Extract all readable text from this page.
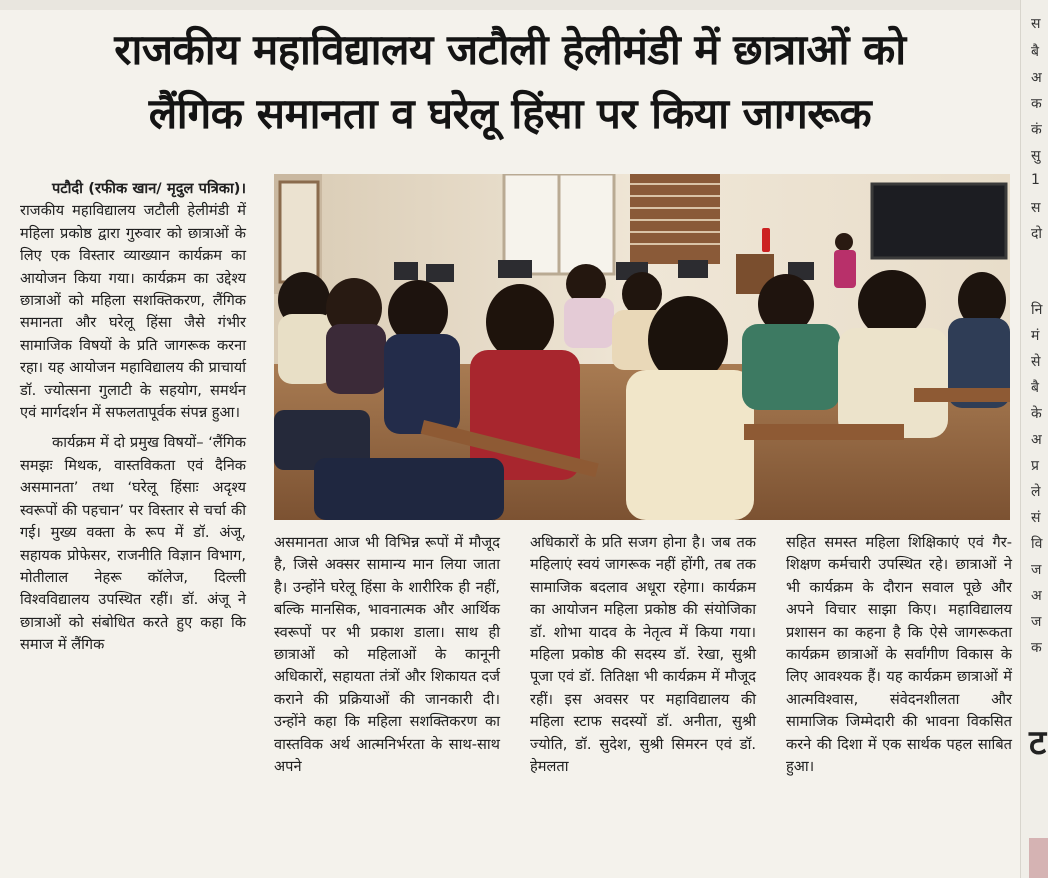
राजकीय महाविद्यालय जटौली हेलीमंडी में छात्राओं को
लैंगिक समानता व घरेलू हिंसा पर किया जागरूक

पटौदी (रफीक खान/ मृदुल पत्रिका)। राजकीय महाविद्यालय जटौली हेलीमंडी में महिला प्रकोष्ठ द्वारा गुरुवार को छात्राओं के लिए एक विस्तार व्याख्यान कार्यक्रम का आयोजन किया गया। कार्यक्रम का उद्देश्य छात्राओं को महिला सशक्तिकरण, लैंगिक समानता और घरेलू हिंसा जैसे गंभीर सामाजिक विषयों के प्रति जागरूक करना रहा। यह आयोजन महाविद्यालय की प्राचार्या डॉ. ज्योत्सना गुलाटी के सहयोग, समर्थन एवं मार्गदर्शन में सफलतापूर्वक संपन्न हुआ।

कार्यक्रम में दो प्रमुख विषयों– ‘लैंगिक समझः मिथक, वास्तविकता एवं दैनिक असमानता’ तथा ‘घरेलू हिंसाः अदृश्य स्वरूपों की पहचान’ पर विस्तार से चर्चा की गई। मुख्य वक्ता के रूप में डॉ. अंजू, सहायक प्रोफेसर, राजनीति विज्ञान विभाग, मोतीलाल नेहरू कॉलेज, दिल्ली विश्वविद्यालय उपस्थित रहीं। डॉ. अंजू ने छात्राओं को संबोधित करते हुए कहा कि समाज में लैंगिक

असमानता आज भी विभिन्न रूपों में मौजूद है, जिसे अक्सर सामान्य मान लिया जाता है। उन्होंने घरेलू हिंसा के शारीरिक ही नहीं, बल्कि मानसिक, भावनात्मक और आर्थिक स्वरूपों पर भी प्रकाश डाला। साथ ही छात्राओं को महिलाओं के कानूनी अधिकारों, सहायता तंत्रों और शिकायत दर्ज कराने की प्रक्रियाओं की जानकारी दी। उन्होंने कहा कि महिला सशक्तिकरण का वास्तविक अर्थ आत्मनिर्भरता के साथ-साथ अपने
अधिकारों के प्रति सजग होना है। जब तक महिलाएं स्वयं जागरूक नहीं होंगी, तब तक सामाजिक बदलाव अधूरा रहेगा। कार्यक्रम का आयोजन महिला प्रकोष्ठ की संयोजिका डॉ. शोभा यादव के नेतृत्व में किया गया। महिला प्रकोष्ठ की सदस्य डॉ. रेखा, सुश्री पूजा एवं डॉ. तितिक्षा भी कार्यक्रम में मौजूद रहीं। इस अवसर पर महाविद्यालय की महिला स्टाफ सदस्यों डॉ. अनीता, सुश्री ज्योति, डॉ. सुदेश, सुश्री सिमरन एवं डॉ. हेमलता
सहित समस्त महिला शिक्षिकाएं एवं गैर-शिक्षण कर्मचारी उपस्थित रहे। छात्राओं ने भी कार्यक्रम के दौरान सवाल पूछे और अपने विचार साझा किए। महाविद्यालय प्रशासन का कहना है कि ऐसे जागरूकता कार्यक्रम छात्राओं के सर्वांगीण विकास के लिए आवश्यक हैं। यह कार्यक्रम छात्राओं में आत्मविश्वास, संवेदनशीलता और सामाजिक जिम्मेदारी की भावना विकसित करने की दिशा में एक सार्थक पहल साबित हुआ।
स
बै
अ
क
कं
सु
1
स
दो
नि
मं
से
बै
के
अ
प्र
ले
सं
वि
ज
अ
ज
क
ट
